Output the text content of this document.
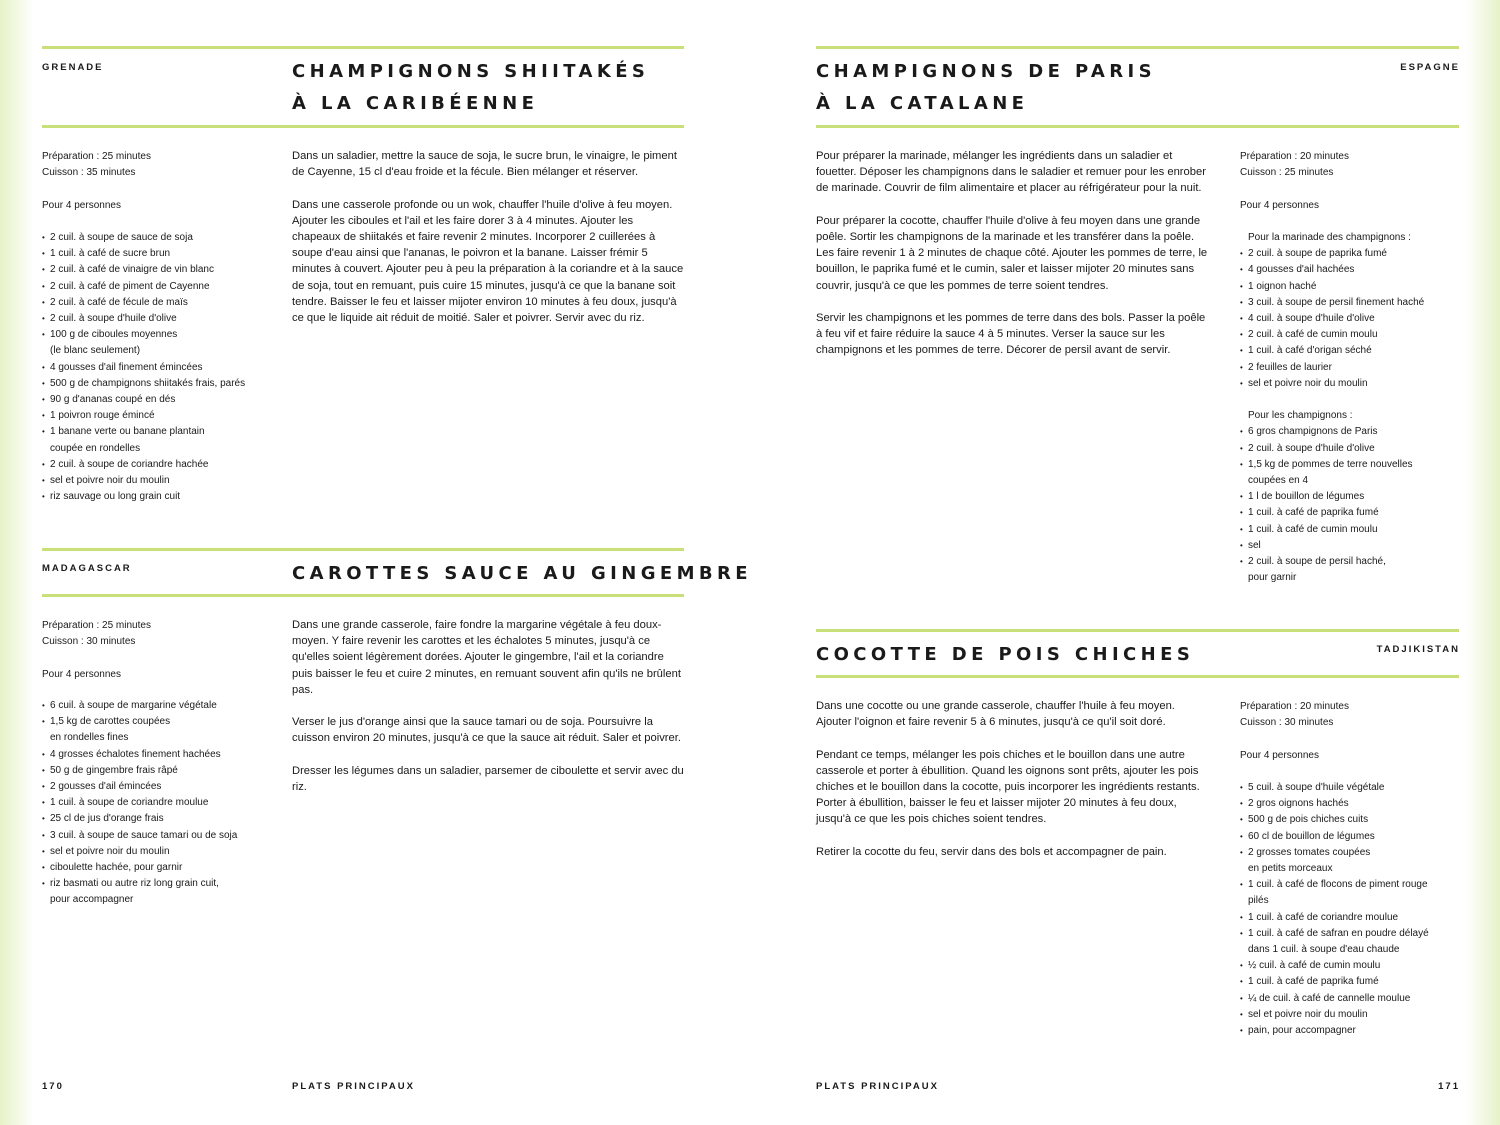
GRENADE	CHAMPIGNONS SHIITAKÉS
À LA CARIBÉENNE
Préparation : 25 minutes
Cuisson : 35 minutes
Pour 4 personnes
• 2 cuil. à soupe de sauce de soja
• 1 cuil. à café de sucre brun
• 2 cuil. à café de vinaigre de vin blanc
• 2 cuil. à café de piment de Cayenne
• 2 cuil. à café de fécule de maïs
• 2 cuil. à soupe d'huile d'olive
• 100 g de ciboules moyennes
(le blanc seulement)
• 4 gousses d'ail finement émincées
• 500 g de champignons shiitakés frais, parés
• 90 g d'ananas coupé en dés
• 1 poivron rouge émincé
• 1 banane verte ou banane plantain
coupée en rondelles
• 2 cuil. à soupe de coriandre hachée
• sel et poivre noir du moulin
• riz sauvage ou long grain cuit

Dans un saladier, mettre la sauce de soja, le sucre brun, le vinaigre, le piment de Cayenne, 15 cl d'eau froide et la fécule. Bien mélanger et réserver.

Dans une casserole profonde ou un wok, chauffer l'huile d'olive à feu moyen. Ajouter les ciboules et l'ail et les faire dorer 3 à 4 minutes. Ajouter les chapeaux de shiitakés et faire revenir 2 minutes. Incorporer 2 cuillerées à soupe d'eau ainsi que l'ananas, le poivron et la banane. Laisser frémir 5 minutes à couvert. Ajouter peu à peu la préparation à la coriandre et à la sauce de soja, tout en remuant, puis cuire 15 minutes, jusqu'à ce que la banane soit tendre. Baisser le feu et laisser mijoter environ 10 minutes à feu doux, jusqu'à ce que le liquide ait réduit de moitié. Saler et poivrer. Servir avec du riz.

MADAGASCAR	CAROTTES SAUCE AU GINGEMBRE
Préparation : 25 minutes
Cuisson : 30 minutes
Pour 4 personnes
• 6 cuil. à soupe de margarine végétale
• 1,5 kg de carottes coupées
en rondelles fines
• 4 grosses échalotes finement hachées
• 50 g de gingembre frais râpé
• 2 gousses d'ail émincées
• 1 cuil. à soupe de coriandre moulue
• 25 cl de jus d'orange frais
• 3 cuil. à soupe de sauce tamari ou de soja
• sel et poivre noir du moulin
• ciboulette hachée, pour garnir
• riz basmati ou autre riz long grain cuit,
pour accompagner

Dans une grande casserole, faire fondre la margarine végétale à feu doux-moyen. Y faire revenir les carottes et les échalotes 5 minutes, jusqu'à ce qu'elles soient légèrement dorées. Ajouter le gingembre, l'ail et la coriandre puis baisser le feu et cuire 2 minutes, en remuant souvent afin qu'ils ne brûlent pas.

Verser le jus d'orange ainsi que la sauce tamari ou de soja. Poursuivre la cuisson environ 20 minutes, jusqu'à ce que la sauce ait réduit. Saler et poivrer.

Dresser les légumes dans un saladier, parsemer de ciboulette et servir avec du riz.

170	PLATS PRINCIPAUX
CHAMPIGNONS DE PARIS
À LA CATALANE
ESPAGNE

Pour préparer la marinade, mélanger les ingrédients dans un saladier et fouetter. Déposer les champignons dans le saladier et remuer pour les enrober de marinade. Couvrir de film alimentaire et placer au réfrigérateur pour la nuit.

Pour préparer la cocotte, chauffer l'huile d'olive à feu moyen dans une grande poêle. Sortir les champignons de la marinade et les transférer dans la poêle. Les faire revenir 1 à 2 minutes de chaque côté. Ajouter les pommes de terre, le bouillon, le paprika fumé et le cumin, saler et laisser mijoter 20 minutes sans couvrir, jusqu'à ce que les pommes de terre soient tendres.

Servir les champignons et les pommes de terre dans des bols. Passer la poêle à feu vif et faire réduire la sauce 4 à 5 minutes. Verser la sauce sur les champignons et les pommes de terre. Décorer de persil avant de servir.

Préparation : 20 minutes
Cuisson : 25 minutes
Pour 4 personnes
Pour la marinade des champignons :
• 2 cuil. à soupe de paprika fumé
• 4 gousses d'ail hachées
• 1 oignon haché
• 3 cuil. à soupe de persil finement haché
• 4 cuil. à soupe d'huile d'olive
• 2 cuil. à café de cumin moulu
• 1 cuil. à café d'origan séché
• 2 feuilles de laurier
• sel et poivre noir du moulin
Pour les champignons :
• 6 gros champignons de Paris
• 2 cuil. à soupe d'huile d'olive
• 1,5 kg de pommes de terre nouvelles
coupées en 4
• 1 l de bouillon de légumes
• 1 cuil. à café de paprika fumé
• 1 cuil. à café de cumin moulu
• sel
• 2 cuil. à soupe de persil haché,
pour garnir
COCOTTE DE POIS CHICHES	TADJIKISTAN

Dans une cocotte ou une grande casserole, chauffer l'huile à feu moyen. Ajouter l'oignon et faire revenir 5 à 6 minutes, jusqu'à ce qu'il soit doré.

Pendant ce temps, mélanger les pois chiches et le bouillon dans une autre casserole et porter à ébullition. Quand les oignons sont prêts, ajouter les pois chiches et le bouillon dans la cocotte, puis incorporer les ingrédients restants. Porter à ébullition, baisser le feu et laisser mijoter 20 minutes à feu doux, jusqu'à ce que les pois chiches soient tendres.

Retirer la cocotte du feu, servir dans des bols et accompagner de pain.

Préparation : 20 minutes
Cuisson : 30 minutes
Pour 4 personnes
• 5 cuil. à soupe d'huile végétale
• 2 gros oignons hachés
• 500 g de pois chiches cuits
• 60 cl de bouillon de légumes
• 2 grosses tomates coupées
en petits morceaux
• 1 cuil. à café de flocons de piment rouge
pilés
• 1 cuil. à café de coriandre moulue
• 1 cuil. à café de safran en poudre délayé
dans 1 cuil. à soupe d'eau chaude
• ½ cuil. à café de cumin moulu
• 1 cuil. à café de paprika fumé
• ¼ de cuil. à café de cannelle moulue
• sel et poivre noir du moulin
• pain, pour accompagner
PLATS PRINCIPAUX	171
